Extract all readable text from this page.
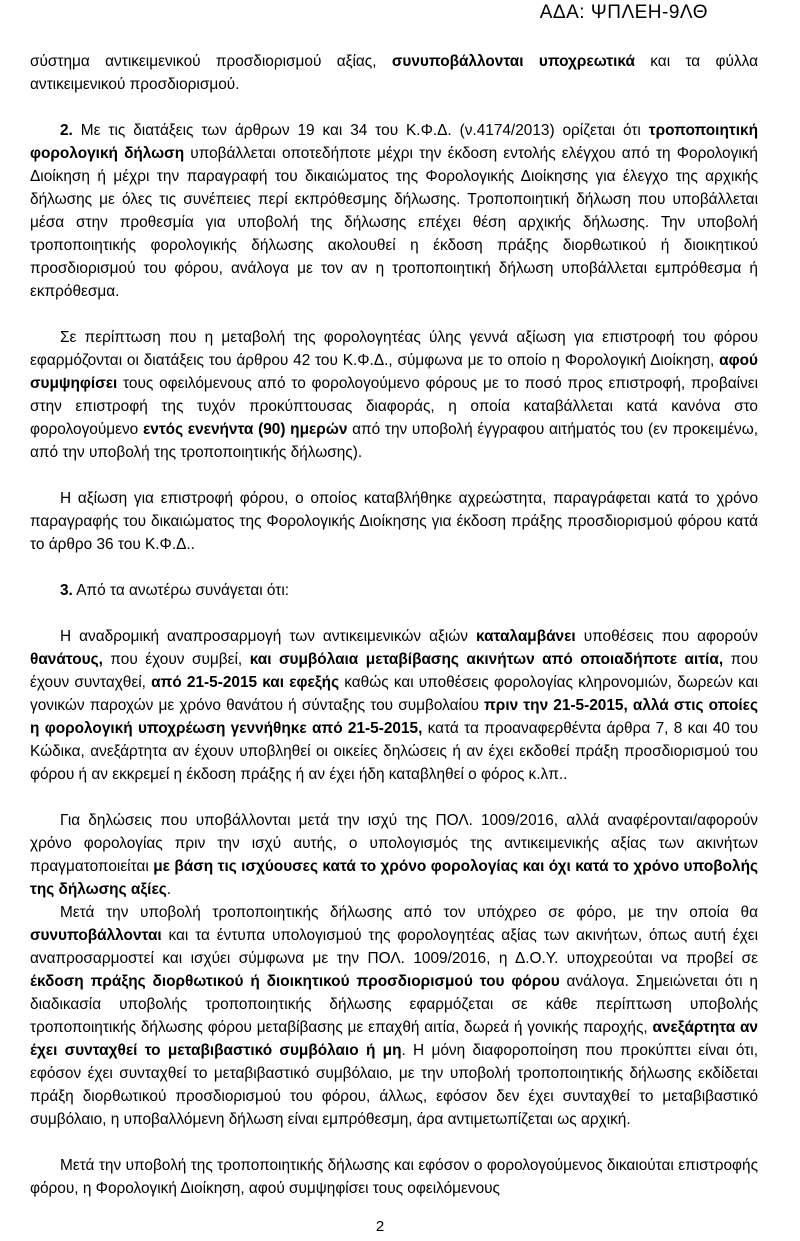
ΑΔΑ: ΨΠΛΕΗ-9ΛΘ

σύστημα αντικειμενικού προσδιορισμού αξίας, συνυποβάλλονται υποχρεωτικά και τα φύλλα αντικειμενικού προσδιορισμού.

2. Με τις διατάξεις των άρθρων 19 και 34 του Κ.Φ.Δ. (ν.4174/2013) ορίζεται ότι τροποποιητική φορολογική δήλωση υποβάλλεται οποτεδήποτε μέχρι την έκδοση εντολής ελέγχου από τη Φορολογική Διοίκηση ή μέχρι την παραγραφή του δικαιώματος της Φορολογικής Διοίκησης για έλεγχο της αρχικής δήλωσης με όλες τις συνέπειες περί εκπρόθεσμης δήλωσης. Τροποποιητική δήλωση που υποβάλλεται μέσα στην προθεσμία για υποβολή της δήλωσης επέχει θέση αρχικής δήλωσης. Την υποβολή τροποποιητικής φορολογικής δήλωσης ακολουθεί η έκδοση πράξης διορθωτικού ή διοικητικού προσδιορισμού του φόρου, ανάλογα με τον αν η τροποποιητική δήλωση υποβάλλεται εμπρόθεσμα ή εκπρόθεσμα.

Σε περίπτωση που η μεταβολή της φορολογητέας ύλης γεννά αξίωση για επιστροφή του φόρου εφαρμόζονται οι διατάξεις του άρθρου 42 του Κ.Φ.Δ., σύμφωνα με το οποίο η Φορολογική Διοίκηση, αφού συμψηφίσει τους οφειλόμενους από το φορολογούμενο φόρους με το ποσό προς επιστροφή, προβαίνει στην επιστροφή της τυχόν προκύπτουσας διαφοράς, η οποία καταβάλλεται κατά κανόνα στο φορολογούμενο εντός ενενήντα (90) ημερών από την υποβολή έγγραφου αιτήματός του (εν προκειμένω, από την υποβολή της τροποποιητικής δήλωσης).

Η αξίωση για επιστροφή φόρου, ο οποίος καταβλήθηκε αχρεώστητα, παραγράφεται κατά το χρόνο παραγραφής του δικαιώματος της Φορολογικής Διοίκησης για έκδοση πράξης προσδιορισμού φόρου κατά το άρθρο 36 του Κ.Φ.Δ..

3. Από τα ανωτέρω συνάγεται ότι:

Η αναδρομική αναπροσαρμογή των αντικειμενικών αξιών καταλαμβάνει υποθέσεις που αφορούν θανάτους, που έχουν συμβεί, και συμβόλαια μεταβίβασης ακινήτων από οποιαδήποτε αιτία, που έχουν συνταχθεί, από 21-5-2015 και εφεξής καθώς και υποθέσεις φορολογίας κληρονομιών, δωρεών και γονικών παροχών με χρόνο θανάτου ή σύνταξης του συμβολαίου πριν την 21-5-2015, αλλά στις οποίες η φορολογική υποχρέωση γεννήθηκε από 21-5-2015, κατά τα προαναφερθέντα άρθρα 7, 8 και 40 του Κώδικα, ανεξάρτητα αν έχουν υποβληθεί οι οικείες δηλώσεις ή αν έχει εκδοθεί πράξη προσδιορισμού του φόρου ή αν εκκρεμεί η έκδοση πράξης ή αν έχει ήδη καταβληθεί ο φόρος κ.λπ..

Για δηλώσεις που υποβάλλονται μετά την ισχύ της ΠΟΛ. 1009/2016, αλλά αναφέρονται/αφορούν χρόνο φορολογίας πριν την ισχύ αυτής, ο υπολογισμός της αντικειμενικής αξίας των ακινήτων πραγματοποιείται με βάση τις ισχύουσες κατά το χρόνο φορολογίας και όχι κατά το χρόνο υποβολής της δήλωσης αξίες.

Μετά την υποβολή τροποποιητικής δήλωσης από τον υπόχρεο σε φόρο, με την οποία θα συνυποβάλλονται και τα έντυπα υπολογισμού της φορολογητέας αξίας των ακινήτων, όπως αυτή έχει αναπροσαρμοστεί και ισχύει σύμφωνα με την ΠΟΛ. 1009/2016, η Δ.Ο.Υ. υποχρεούται να προβεί σε έκδοση πράξης διορθωτικού ή διοικητικού προσδιορισμού του φόρου ανάλογα. Σημειώνεται ότι η διαδικασία υποβολής τροποποιητικής δήλωσης εφαρμόζεται σε κάθε περίπτωση υποβολής τροποποιητικής δήλωσης φόρου μεταβίβασης με επαχθή αιτία, δωρεά ή γονικής παροχής, ανεξάρτητα αν έχει συνταχθεί το μεταβιβαστικό συμβόλαιο ή μη. Η μόνη διαφοροποίηση που προκύπτει είναι ότι, εφόσον έχει συνταχθεί το μεταβιβαστικό συμβόλαιο, με την υποβολή τροποποιητικής δήλωσης εκδίδεται πράξη διορθωτικού προσδιορισμού του φόρου, άλλως, εφόσον δεν έχει συνταχθεί το μεταβιβαστικό συμβόλαιο, η υποβαλλόμενη δήλωση είναι εμπρόθεσμη, άρα αντιμετωπίζεται ως αρχική.

Μετά την υποβολή της τροποποιητικής δήλωσης και εφόσον ο φορολογούμενος δικαιούται επιστροφής φόρου, η Φορολογική Διοίκηση, αφού συμψηφίσει τους οφειλόμενους

2
